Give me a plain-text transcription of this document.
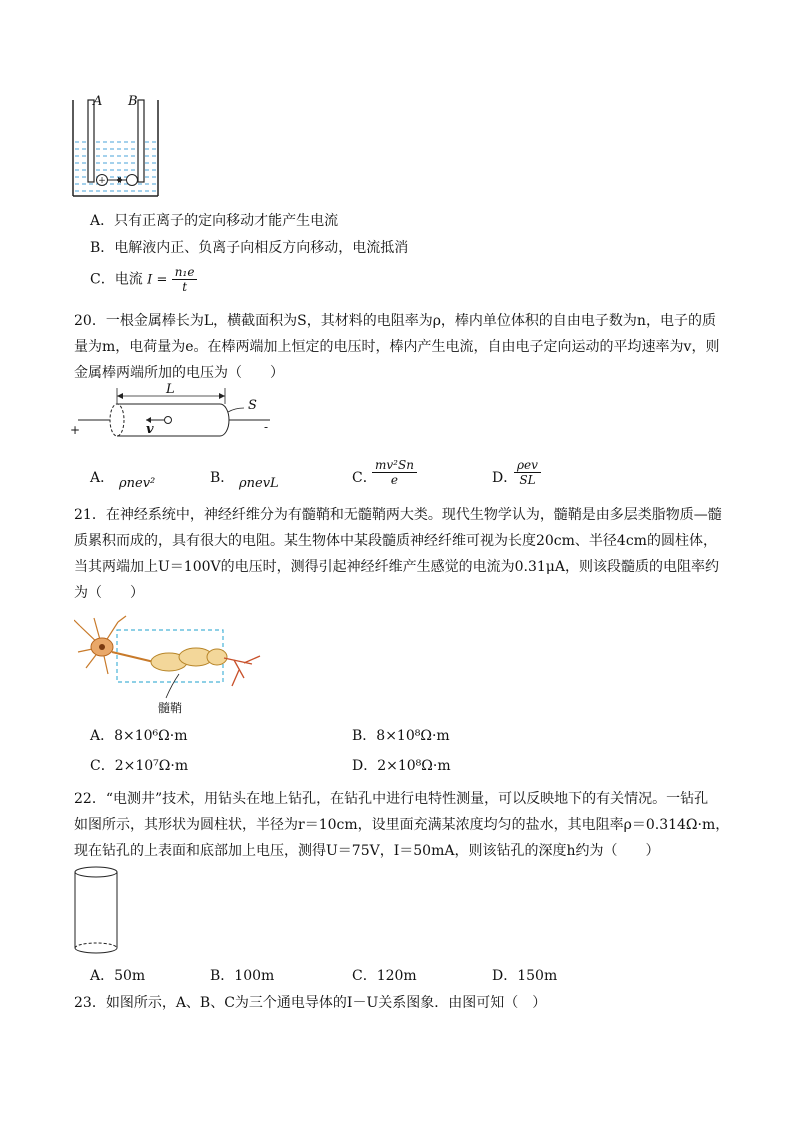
+
A B
A．只有正离子的定向移动才能产生电流
B．电解液内正、负离子向相反方向移动，电流抵消
C．电流 $I = \frac{\text{n₁e}}{t}$
20．一根金属棒长为L，横截面积为S，其材料的电阻率为ρ，棒内单位体积的自由电子数为n，电子的质
量为m，电荷量为e。在棒两端加上恒定的电压时，棒内产生电流，自由电子定向运动的平均速率为v，则
金属棒两端所加的电压为（　　）
L
S
v
+	-
A． ρnev²	B． ρnevL	C．
$\frac{\text{mv²Sn}}{e}$	D．
ρev
SL
21．在神经系统中，神经纤维分为有髓鞘和无髓鞘两大类。现代生物学认为，髓鞘是由多层类脂物质—髓
质累积而成的，具有很大的电阻。某生物体中某段髓质神经纤维可视为长度20cm、半径4cm的圆柱体，
当其两端加上U＝100V的电压时，测得引起神经纤维产生感觉的电流为0.31μA，则该段髓质的电阻率约
为（　　）
髓鞘
A．8×10⁶Ω·m	B．8×10⁸Ω·m
C．2×10⁷Ω·m	D．2×10⁸Ω·m
22．“电测井”技术，用钻头在地上钻孔，在钻孔中进行电特性测量，可以反映地下的有关情况。一钻孔
如图所示，其形状为圆柱状，半径为r＝10cm，设里面充满某浓度均匀的盐水，其电阻率ρ＝0.314Ω·m，
现在钻孔的上表面和底部加上电压，测得U＝75V，I＝50mA，则该钻孔的深度h约为（　　）
A．50m	B．100m	C．120m	D．150m
23．如图所示，A、B、C为三个通电导体的I－U关系图象．由图可知（　）
